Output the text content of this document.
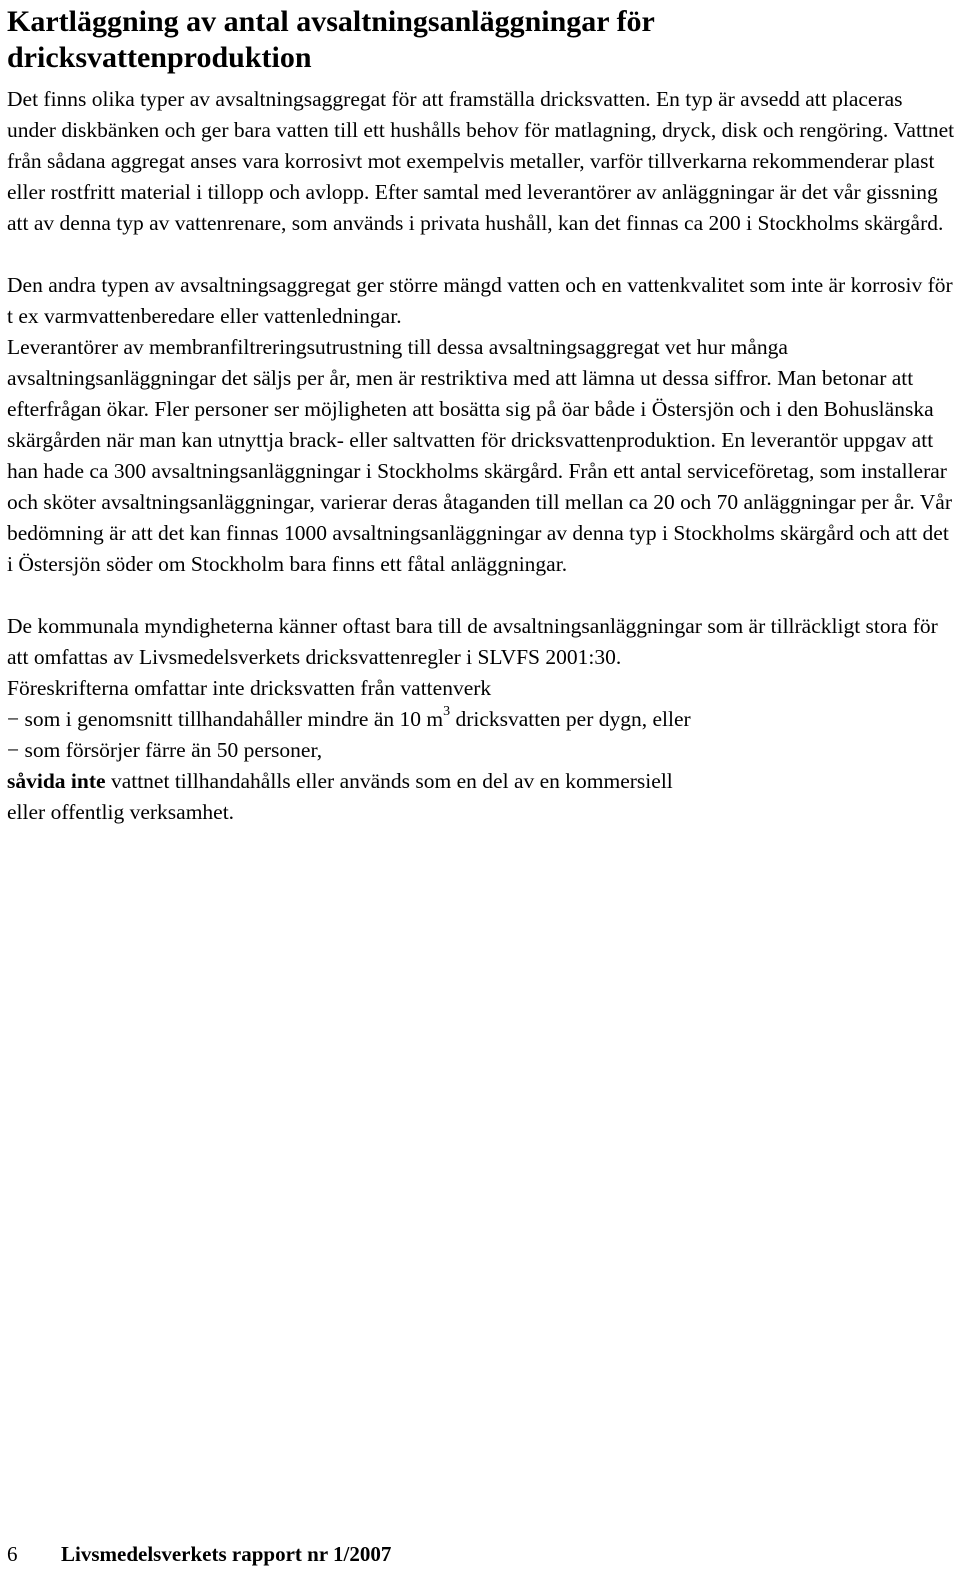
Kartläggning av antal avsaltningsanläggningar för dricksvattenproduktion

Det finns olika typer av avsaltningsaggregat för att framställa dricksvatten. En typ är avsedd att placeras under diskbänken och ger bara vatten till ett hushålls behov för matlagning, dryck, disk och rengöring. Vattnet från sådana aggregat anses vara korrosivt mot exempelvis metaller, varför tillverkarna rekommenderar plast eller rostfritt material i tillopp och avlopp. Efter samtal med leverantörer av anläggningar är det vår gissning att av denna typ av vattenrenare, som används i privata hushåll, kan det finnas ca 200 i Stockholms skärgård.

Den andra typen av avsaltningsaggregat ger större mängd vatten och en vattenkvalitet som inte är korrosiv för t ex varmvattenberedare eller vattenledningar.

Leverantörer av membranfiltreringsutrustning till dessa avsaltningsaggregat vet hur många avsaltningsanläggningar det säljs per år, men är restriktiva med att lämna ut dessa siffror. Man betonar att efterfrågan ökar. Fler personer ser möjligheten att bosätta sig på öar både i Östersjön och i den Bohuslänska skärgården när man kan utnyttja brack- eller saltvatten för dricksvattenproduktion. En leverantör uppgav att han hade ca 300 avsaltningsanläggningar i Stockholms skärgård. Från ett antal serviceföretag, som installerar och sköter avsaltningsanläggningar, varierar deras åtaganden till mellan ca 20 och 70 anläggningar per år. Vår bedömning är att det kan finnas 1000 avsaltningsanläggningar av denna typ i Stockholms skärgård och att det i Östersjön söder om Stockholm bara finns ett fåtal anläggningar.

De kommunala myndigheterna känner oftast bara till de avsaltningsanläggningar som är tillräckligt stora för att omfattas av Livsmedelsverkets dricksvattenregler i SLVFS 2001:30.

Föreskrifterna omfattar inte dricksvatten från vattenverk

− som i genomsnitt tillhandahåller mindre än 10 $m^3$ dricksvatten per dygn, eller
− som försörjer färre än 50 personer,
såvida inte vattnet tillhandahålls eller används som en del av en kommersiell
eller offentlig verksamhet.
6 Livsmedelsverkets rapport nr 1/2007
